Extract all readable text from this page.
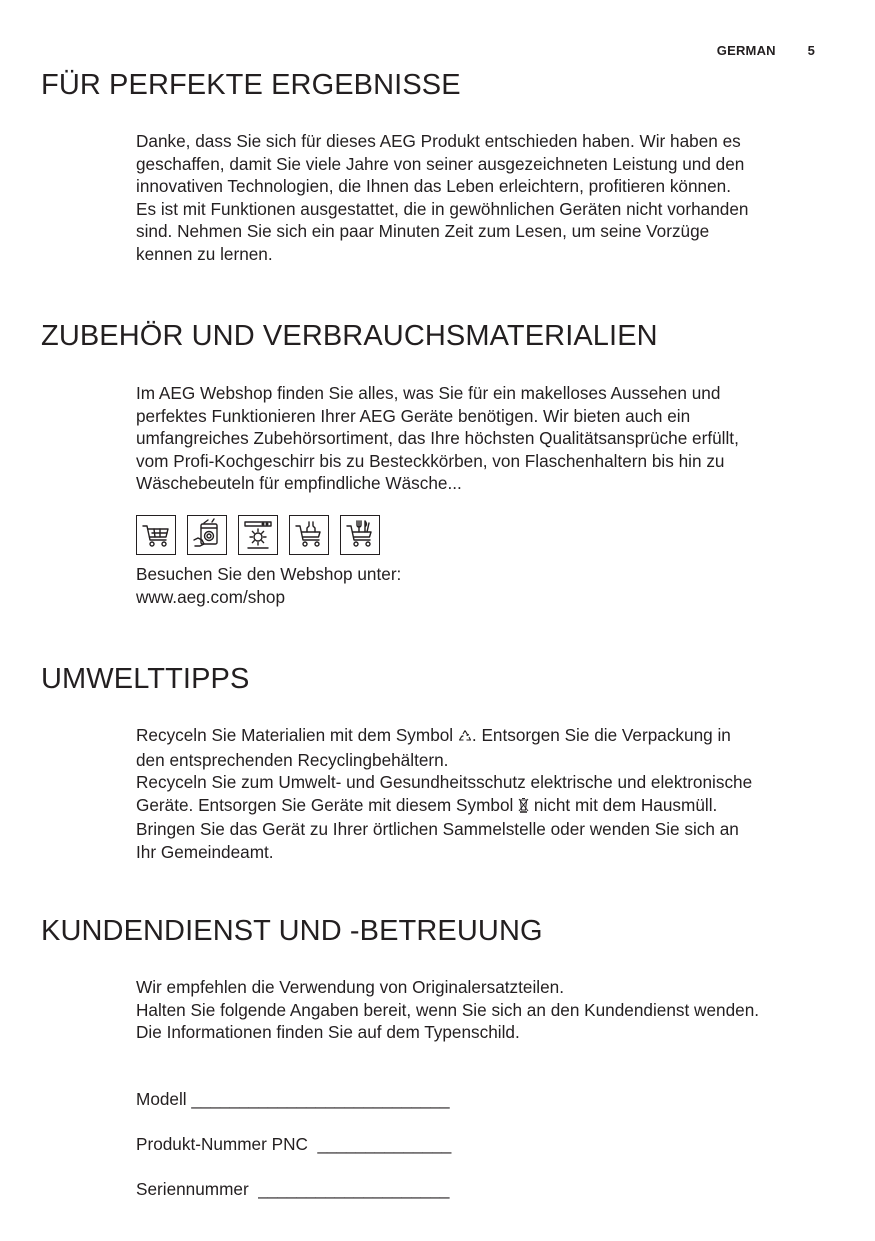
GERMAN 5
FÜR PERFEKTE ERGEBNISSE

Danke, dass Sie sich für dieses AEG Produkt entschieden haben. Wir haben es

geschaffen, damit Sie viele Jahre von seiner ausgezeichneten Leistung und den

innovativen Technologien, die Ihnen das Leben erleichtern, profitieren können.

Es ist mit Funktionen ausgestattet, die in gewöhnlichen Geräten nicht vorhanden

sind. Nehmen Sie sich ein paar Minuten Zeit zum Lesen, um seine Vorzüge

kennen zu lernen.

ZUBEHÖR UND VERBRAUCHSMATERIALIEN

Im AEG Webshop finden Sie alles, was Sie für ein makelloses Aussehen und

perfektes Funktionieren Ihrer AEG Geräte benötigen. Wir bieten auch ein

umfangreiches Zubehörsortiment, das Ihre höchsten Qualitätsansprüche erfüllt,

vom Profi-Kochgeschirr bis zu Besteckkörben, von Flaschenhaltern bis hin zu

Wäschebeuteln für empfindliche Wäsche...

Besuchen Sie den Webshop unter:

www.aeg.com/shop

UMWELTTIPPS

Recyceln Sie Materialien mit dem Symbol . Entsorgen Sie die Verpackung in

den entsprechenden Recyclingbehältern.

Recyceln Sie zum Umwelt- und Gesundheitsschutz elektrische und elektronische

Geräte. Entsorgen Sie Geräte mit diesem Symbol  nicht mit dem Hausmüll.

Bringen Sie das Gerät zu Ihrer örtlichen Sammelstelle oder wenden Sie sich an

Ihr Gemeindeamt.

KUNDENDIENST UND -BETREUUNG

Wir empfehlen die Verwendung von Originalersatzteilen.

Halten Sie folgende Angaben bereit, wenn Sie sich an den Kundendienst wenden.

Die Informationen finden Sie auf dem Typenschild.

Modell ___________________________
Produkt-Nummer PNC ______________
Seriennummer ____________________
